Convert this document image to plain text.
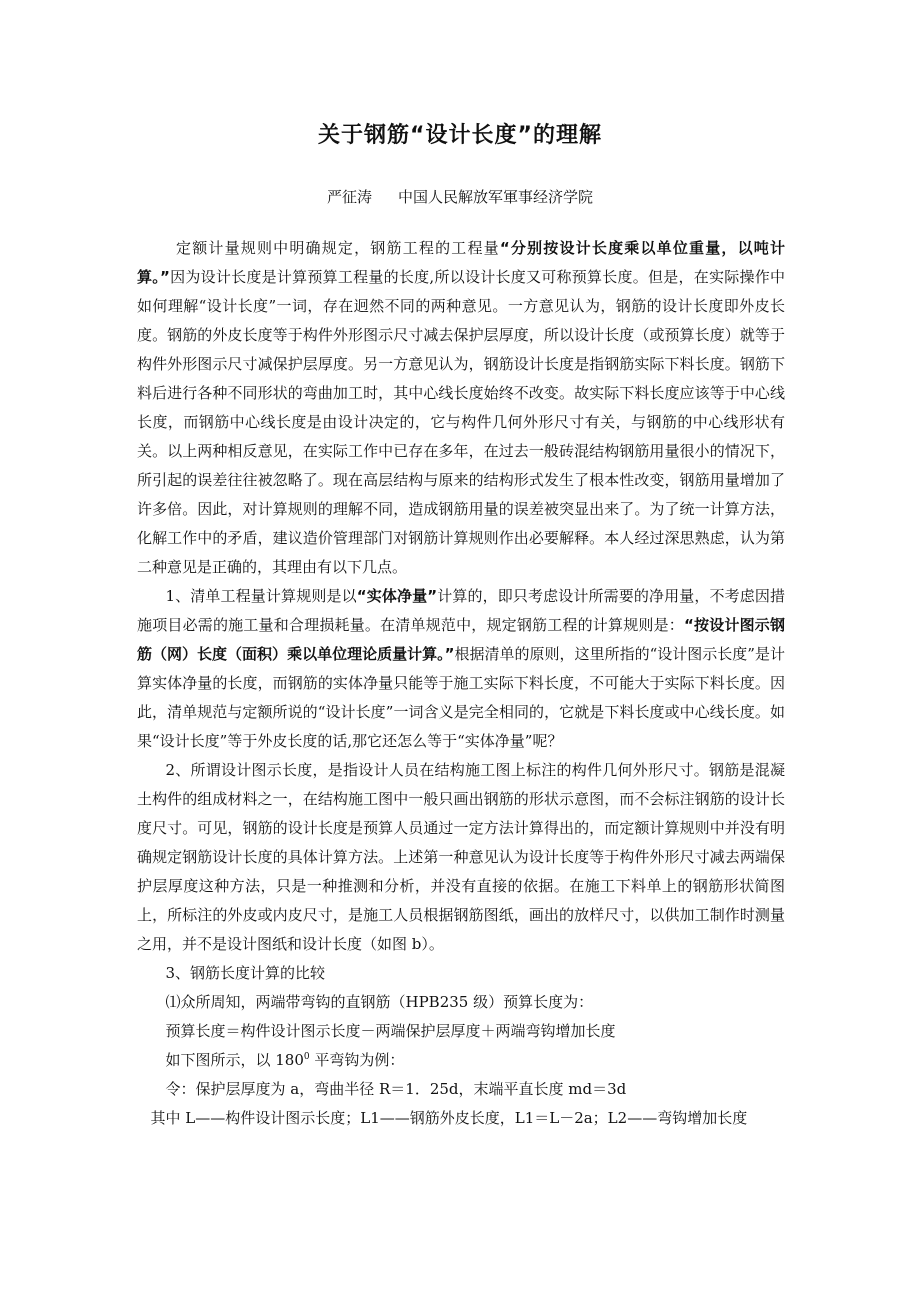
关于钢筋“设计长度”的理解
严征涛 中国人民解放军軍事经济学院

定额计量规则中明确规定，钢筋工程的工程量“分别按设计长度乘以单位重量，以吨计算。”因为设计长度是计算预算工程量的长度,所以设计长度又可称预算长度。但是，在实际操作中如何理解“设计长度”一词，存在迥然不同的两种意见。一方意见认为，钢筋的设计长度即外皮长度。钢筋的外皮长度等于构件外形图示尺寸减去保护层厚度，所以设计长度（或预算长度）就等于构件外形图示尺寸减保护层厚度。另一方意见认为，钢筋设计长度是指钢筋实际下料长度。钢筋下料后进行各种不同形状的弯曲加工时，其中心线长度始终不改变。故实际下料长度应该等于中心线长度，而钢筋中心线长度是由设计决定的，它与构件几何外形尺寸有关，与钢筋的中心线形状有关。以上两种相反意见，在实际工作中已存在多年，在过去一般砖混结构钢筋用量很小的情况下，所引起的误差往往被忽略了。现在高层结构与原来的结构形式发生了根本性改变，钢筋用量增加了许多倍。因此，对计算规则的理解不同，造成钢筋用量的误差被突显出来了。为了统一计算方法，化解工作中的矛盾，建议造价管理部门对钢筋计算规则作出必要解释。本人经过深思熟虑，认为第二种意见是正确的，其理由有以下几点。

1、清单工程量计算规则是以“实体净量”计算的，即只考虑设计所需要的净用量，不考虑因措施项目必需的施工量和合理损耗量。在清单规范中，规定钢筋工程的计算规则是：“按设计图示钢筋（网）长度（面积）乘以单位理论质量计算。”根据清单的原则，这里所指的“设计图示长度”是计算实体净量的长度，而钢筋的实体净量只能等于施工实际下料长度，不可能大于实际下料长度。因此，清单规范与定额所说的“设计长度”一词含义是完全相同的，它就是下料长度或中心线长度。如果“设计长度”等于外皮长度的话,那它还怎么等于“实体净量”呢？

2、所谓设计图示长度，是指设计人员在结构施工图上标注的构件几何外形尺寸。钢筋是混凝土构件的组成材料之一，在结构施工图中一般只画出钢筋的形状示意图，而不会标注钢筋的设计长度尺寸。可见，钢筋的设计长度是预算人员通过一定方法计算得出的，而定额计算规则中并没有明确规定钢筋设计长度的具体计算方法。上述第一种意见认为设计长度等于构件外形尺寸减去两端保护层厚度这种方法，只是一种推测和分析，并没有直接的依据。在施工下料单上的钢筋形状简图上，所标注的外皮或内皮尺寸，是施工人员根据钢筋图纸，画出的放样尺寸，以供加工制作时测量之用，并不是设计图纸和设计长度（如图 b）。

3、钢筋长度计算的比较

⑴众所周知，两端带弯钩的直钢筋（HPB235 级）预算长度为：

预算长度＝构件设计图示长度－两端保护层厚度＋两端弯钩增加长度

如下图所示，以 $180^0$ 平弯钩为例：

令：保护层厚度为 a，弯曲半径 R＝1．25d，末端平直长度 md＝3d

其中 L——构件设计图示长度；L1——钢筋外皮长度，L1＝L－2a；L2——弯钩增加长度
